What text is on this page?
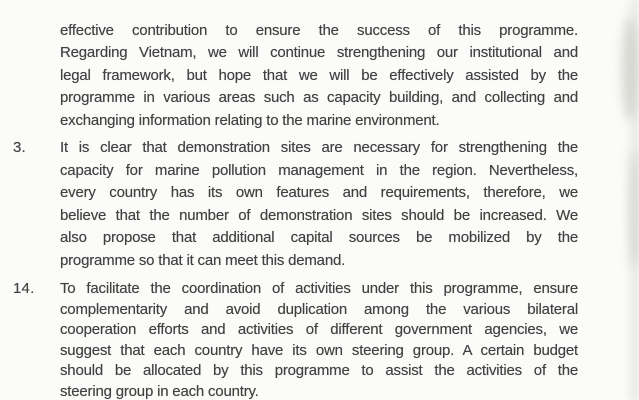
effective contribution to ensure the success of this programme.
Regarding Vietnam, we will continue strengthening our institutional and
legal framework, but hope that we will be effectively assisted by the
programme in various areas such as capacity building, and collecting and
exchanging information relating to the marine environment.
3. It is clear that demonstration sites are necessary for strengthening the
capacity for marine pollution management in the region. Nevertheless,
every country has its own features and requirements, therefore, we
believe that the number of demonstration sites should be increased. We
also propose that additional capital sources be mobilized by the
programme so that it can meet this demand.
14. To facilitate the coordination of activities under this programme, ensure
complementarity and avoid duplication among the various bilateral
cooperation efforts and activities of different government agencies, we
suggest that each country have its own steering group. A certain budget
should be allocated by this programme to assist the activities of the
steering group in each country.
